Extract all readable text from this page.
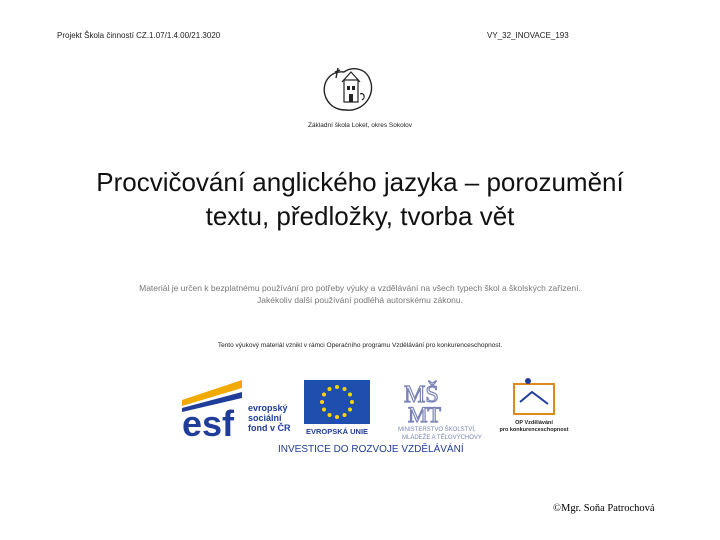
Projekt Škola činností CZ.1.07/1.4.00/21.3020	VY_32_INOVACE_193
Základní škola Loket, okres Sokolov
Procvičování anglického jazyka – porozumění
textu, předložky, tvorba vět
Materiál je určen k bezplatnému používání pro potřeby výuky a vzdělávání na všech typech škol a školských zařízení.
Jakékoliv další používání podléhá autorskému zákonu.
Tento výukový materiál vznikl v rámci Operačního programu Vzdělávání pro konkurenceschopnost.
esf evropský
sociální
fond v ČR EVROPSKÁ UNIE
MŠ
MT
MINISTERSTVO ŠKOLSTVÍ,
MLÁDEŽE A TĚLOVÝCHOVY
OP Vzdělávání
pro konkurenceschopnost
INVESTICE DO ROZVOJE VZDĚLÁVÁNÍ
©Mgr. Soňa Patrochová
